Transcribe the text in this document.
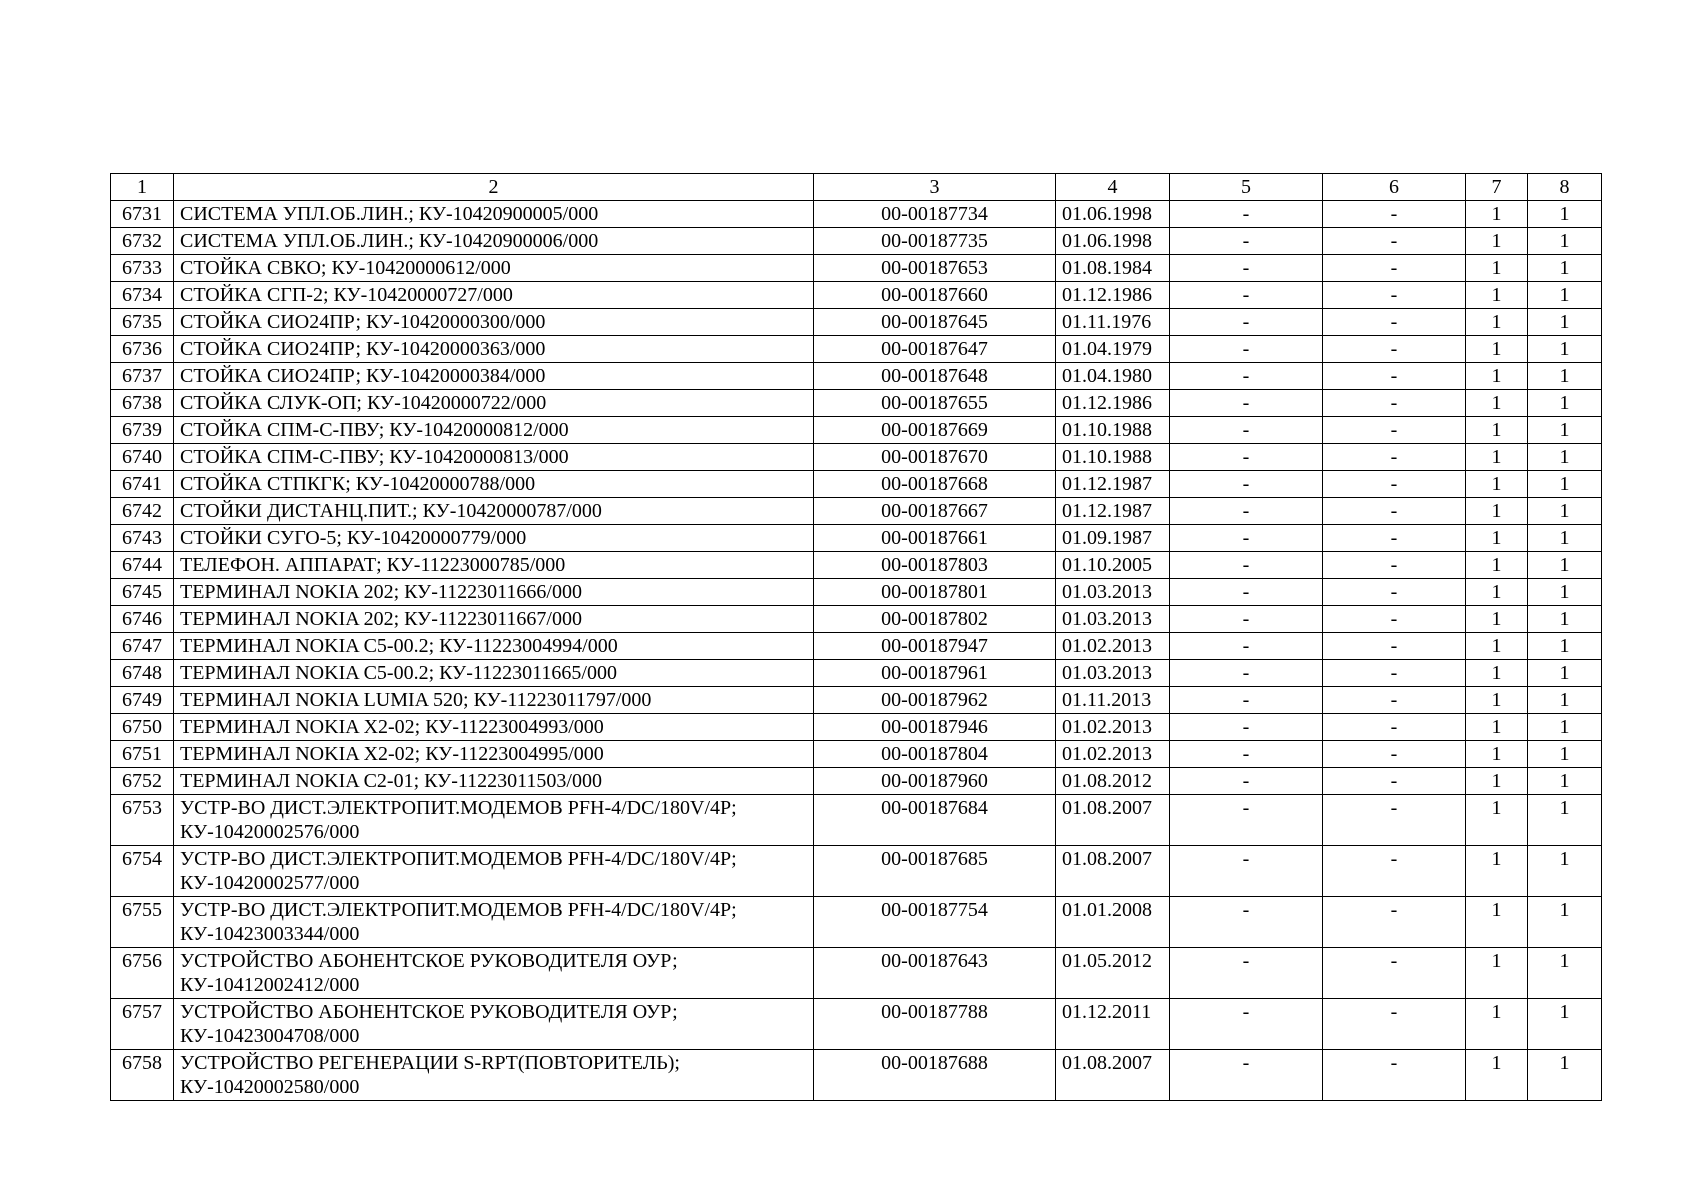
1	2	3	4	5	6	7	8
6731	СИСТЕМА УПЛ.ОБ.ЛИН.; КУ-10420900005/000	00-00187734	01.06.1998	-	-	1	1
6732	СИСТЕМА УПЛ.ОБ.ЛИН.; КУ-10420900006/000	00-00187735	01.06.1998	-	-	1	1
6733	СТОЙКА СВКО; КУ-10420000612/000	00-00187653	01.08.1984	-	-	1	1
6734	СТОЙКА СГП-2; КУ-10420000727/000	00-00187660	01.12.1986	-	-	1	1
6735	СТОЙКА СИО24ПР; КУ-10420000300/000	00-00187645	01.11.1976	-	-	1	1
6736	СТОЙКА СИО24ПР; КУ-10420000363/000	00-00187647	01.04.1979	-	-	1	1
6737	СТОЙКА СИО24ПР; КУ-10420000384/000	00-00187648	01.04.1980	-	-	1	1
6738	СТОЙКА СЛУК-ОП; КУ-10420000722/000	00-00187655	01.12.1986	-	-	1	1
6739	СТОЙКА СПМ-С-ПВУ; КУ-10420000812/000	00-00187669	01.10.1988	-	-	1	1
6740	СТОЙКА СПМ-С-ПВУ; КУ-10420000813/000	00-00187670	01.10.1988	-	-	1	1
6741	СТОЙКА СТПКГК; КУ-10420000788/000	00-00187668	01.12.1987	-	-	1	1
6742	СТОЙКИ ДИСТАНЦ.ПИТ.; КУ-10420000787/000	00-00187667	01.12.1987	-	-	1	1
6743	СТОЙКИ СУГО-5; КУ-10420000779/000	00-00187661	01.09.1987	-	-	1	1
6744	ТЕЛЕФОН. АППАРАТ; КУ-11223000785/000	00-00187803	01.10.2005	-	-	1	1
6745	ТЕРМИНАЛ NOKIA 202; КУ-11223011666/000	00-00187801	01.03.2013	-	-	1	1
6746	ТЕРМИНАЛ NOKIA 202; КУ-11223011667/000	00-00187802	01.03.2013	-	-	1	1
6747	ТЕРМИНАЛ NOKIA C5-00.2; КУ-11223004994/000	00-00187947	01.02.2013	-	-	1	1
6748	ТЕРМИНАЛ NOKIA C5-00.2; КУ-11223011665/000	00-00187961	01.03.2013	-	-	1	1
6749	ТЕРМИНАЛ NOKIA LUMIA 520; КУ-11223011797/000	00-00187962	01.11.2013	-	-	1	1
6750	ТЕРМИНАЛ NOKIA X2-02; КУ-11223004993/000	00-00187946	01.02.2013	-	-	1	1
6751	ТЕРМИНАЛ NOKIA X2-02; КУ-11223004995/000	00-00187804	01.02.2013	-	-	1	1
6752	ТЕРМИНАЛ NOKIA C2-01; КУ-11223011503/000	00-00187960	01.08.2012	-	-	1	1
6753	УСТР-ВО ДИСТ.ЭЛЕКТРОПИТ.МОДЕМОВ PFH-4/DC/180V/4P; КУ-10420002576/000	00-00187684	01.08.2007	-	-	1	1
6754	УСТР-ВО ДИСТ.ЭЛЕКТРОПИТ.МОДЕМОВ PFH-4/DC/180V/4P; КУ-10420002577/000	00-00187685	01.08.2007	-	-	1	1
6755	УСТР-ВО ДИСТ.ЭЛЕКТРОПИТ.МОДЕМОВ PFH-4/DC/180V/4P; КУ-10423003344/000	00-00187754	01.01.2008	-	-	1	1
6756	УСТРОЙСТВО АБОНЕНТСКОЕ РУКОВОДИТЕЛЯ ОУР; КУ-10412002412/000	00-00187643	01.05.2012	-	-	1	1
6757	УСТРОЙСТВО АБОНЕНТСКОЕ РУКОВОДИТЕЛЯ ОУР; КУ-10423004708/000	00-00187788	01.12.2011	-	-	1	1
6758	УСТРОЙСТВО РЕГЕНЕРАЦИИ S-RPT(ПОВТОРИТЕЛЬ); КУ-10420002580/000	00-00187688	01.08.2007	-	-	1	1
